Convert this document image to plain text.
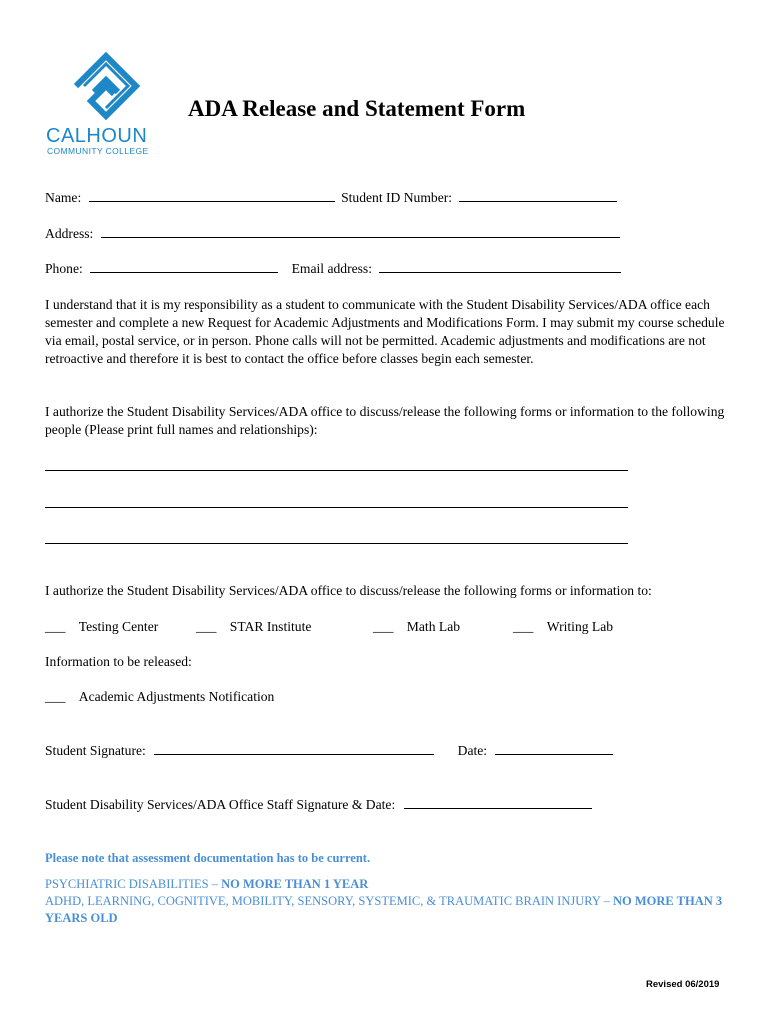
CALHOUN
COMMUNITY COLLEGE
ADA Release and Statement Form
Name:	Student ID Number:
Address:
Phone:	Email address:
I understand that it is my responsibility as a student to communicate with the Student Disability Services/ADA office each semester and complete a new Request for Academic Adjustments and Modifications Form. I may submit my course schedule via email, postal service, or in person. Phone calls will not be permitted. Academic adjustments and modifications are not retroactive and therefore it is best to contact the office before classes begin each semester.
I authorize the Student Disability Services/ADA office to discuss/release the following forms or information to the following people (Please print full names and relationships):
I authorize the Student Disability Services/ADA office to discuss/release the following forms or information to:
___ Testing Center	___ STAR Institute	___ Math Lab	___ Writing Lab
Information to be released:
___ Academic Adjustments Notification
Student Signature:	Date:
Student Disability Services/ADA Office Staff Signature & Date:
Please note that assessment documentation has to be current.
PSYCHIATRIC DISABILITIES – NO MORE THAN 1 YEAR
ADHD, LEARNING, COGNITIVE, MOBILITY, SENSORY, SYSTEMIC, & TRAUMATIC BRAIN INJURY – NO MORE THAN 3 YEARS OLD
Revised 06/2019
